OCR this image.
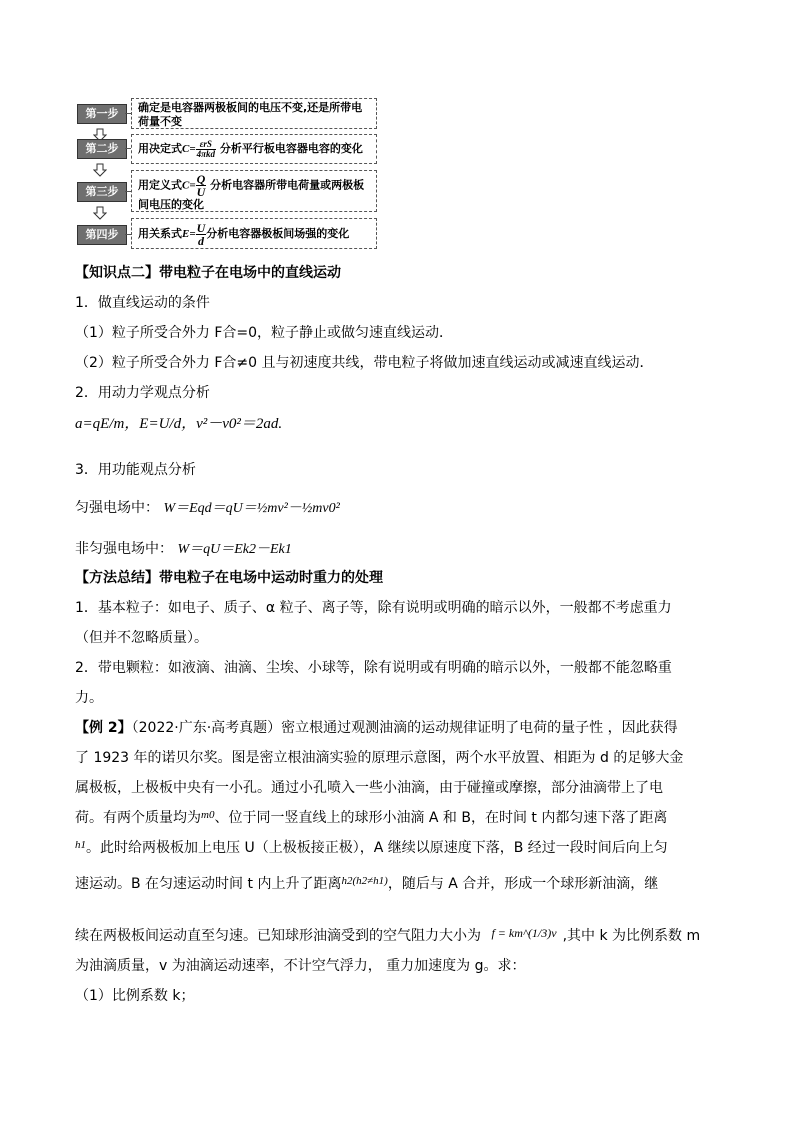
第一步	确定是电容器两极板间的电压不变,还是所带电荷量不变
第二步	用决定式$C= \frac{\text{εrS}}{\text{4πkd}}$ 分析平行板电容器电容的变化
第三步	用定义式$C= \frac{Q}{U}$ 分析电容器所带电荷量或两极板间电压的变化
第四步	用关系式$E= \frac{U}{d}$ 分析电容器极板间场强的变化
【知识点二】带电粒子在电场中的直线运动
1．做直线运动的条件
（1）粒子所受合外力 F合=0，粒子静止或做匀速直线运动．
（2）粒子所受合外力 F合≠0 且与初速度共线，带电粒子将做加速直线运动或减速直线运动．
2．用动力学观点分析
a=qE/m，E=U/d，v²－v0²＝2ad.
3．用功能观点分析
匀强电场中： W＝Eqd＝qU＝½mv²－½mv0²
非匀强电场中： W＝qU＝Ek2－Ek1
【方法总结】带电粒子在电场中运动时重力的处理
1．基本粒子：如电子、质子、α 粒子、离子等，除有说明或明确的暗示以外，一般都不考虑重力
（但并不忽略质量）。
2．带电颗粒：如液滴、油滴、尘埃、小球等，除有说明或有明确的暗示以外，一般都不能忽略重
力。
【例 2】（2022·广东·高考真题）密立根通过观测油滴的运动规律证明了电荷的量子性 ，因此获得
了 1923 年的诺贝尔奖。图是密立根油滴实验的原理示意图，两个水平放置、相距为 d 的足够大金
属极板，上极板中央有一小孔。通过小孔喷入一些小油滴，由于碰撞或摩擦，部分油滴带上了电
荷。有两个质量均为$^{m0}$、位于同一竖直线上的球形小油滴 A 和 B，在时间 t 内都匀速下落了距离
$^{h1}$。此时给两极板加上电压 U（上极板接正极），A 继续以原速度下落，B 经过一段时间后向上匀
速运动。B 在匀速运动时间 t 内上升了距离$^{h2(h2\ne h1)}$，随后与 A 合并，形成一个球形新油滴，继
续在两极板间运动直至匀速。已知球形油滴受到的空气阻力大小为 f = km^(1/3)v ,其中 k 为比例系数 m
为油滴质量，v 为油滴运动速率，不计空气浮力， 重力加速度为 g。求：
（1）比例系数 k；
